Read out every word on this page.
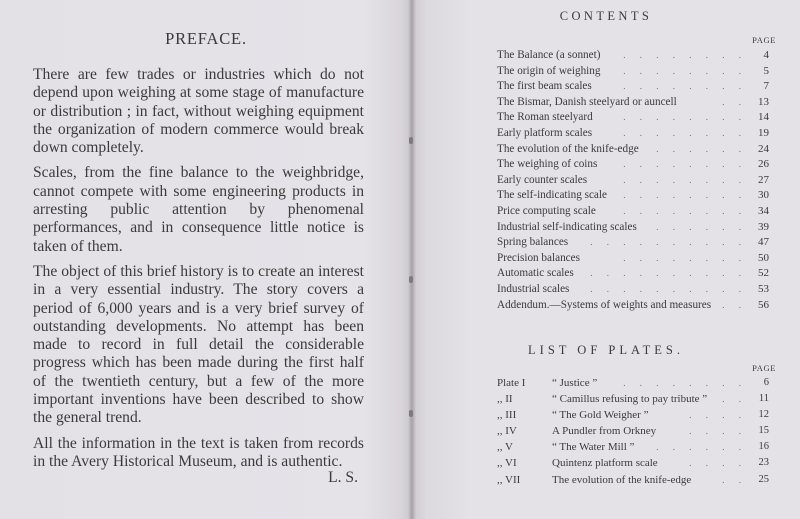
PREFACE.

There are few trades or industries which do not depend upon weighing at some stage of manufacture or distribution ; in fact, without weighing equipment the organization of modern commerce would break down completely.

Scales, from the fine balance to the weighbridge, cannot compete with some engineering products in arresting public attention by phenomenal performances, and in consequence little notice is taken of them.

The object of this brief history is to create an interest in a very essential industry. The story covers a period of 6,000 years and is a very brief survey of outstanding developments. No attempt has been made to record in full detail the considerable progress which has been made during the first half of the twentieth century, but a few of the more important inventions have been described to show the general trend.

All the information in the text is taken from records in the Avery Historical Museum, and is authentic.

L. S.
CONTENTS
PAGE
The Balance (a sonnet)	4
. . . . . . . .
The origin of weighing	5
. . . . . . . .
The first beam scales	7
. . . . . . . .
The Bismar, Danish steelyard or auncell	13
. .
The Roman steelyard	14
. . . . . . . .
Early platform scales	19
. . . . . . . .
The evolution of the knife-edge	24
. . . . . .
The weighing of coins	26
. . . . . . . .
Early counter scales	27
. . . . . . . .
The self-indicating scale	30
. . . . . . . .
Price computing scale	34
. . . . . . . .
Industrial self-indicating scales	39
. . . . . .
Spring balances	47
. . . . . . . . . .
Precision balances	50
. . . . . . . .
Automatic scales	52
. . . . . . . . . .
Industrial scales	53
. . . . . . . . . .
Addendum.—Systems of weights and measures	56
. .
LIST OF PLATES.
PAGE
Plate I	“ Justice ”	6
. . . . . . . .
,, II	“ Camillus refusing to pay tribute ”	11
. .
,, III	“ The Gold Weigher ”	12
. . . .
,, IV	A Pundler from Orkney	15
. . . .
,, V	“ The Water Mill ”	16
. . . . . .
,, VI	Quintenz platform scale	23
. . . .
,, VII	The evolution of the knife-edge	25
. .
